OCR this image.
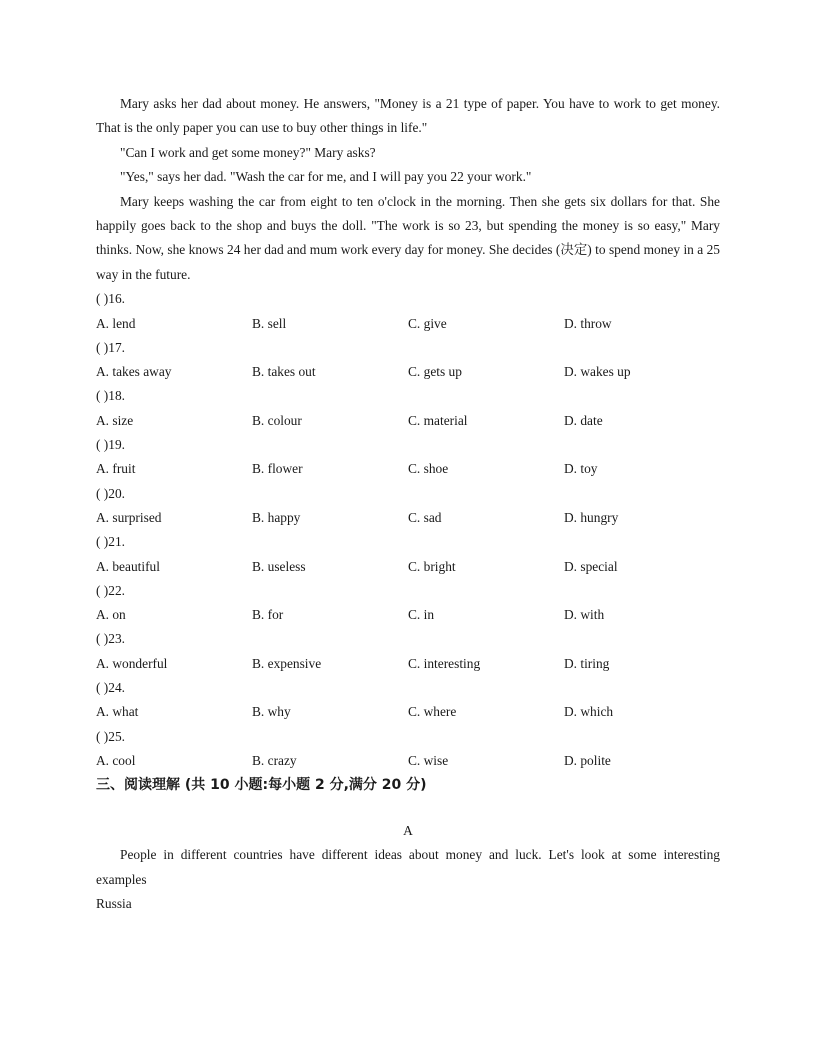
Mary asks her dad about money. He answers, "Money is a 21 type of paper. You have to work to get money. That is the only paper you can use to buy other things in life."

"Can I work and get some money?" Mary asks?

"Yes," says her dad. "Wash the car for me, and I will pay you 22 your work."

Mary keeps washing the car from eight to ten o'clock in the morning. Then she gets six dollars for that. She happily goes back to the shop and buys the doll. "The work is so 23, but spending the money is so easy," Mary thinks. Now, she knows 24 her dad and mum work every day for money. She decides (决定) to spend money in a 25 way in the future.

( )16.
A. lend	B. sell	C. give	D. throw
( )17.
A. takes away	B. takes out	C. gets up	D. wakes up
( )18.
A. size	B. colour	C. material	D. date
( )19.
A. fruit	B. flower	C. shoe	D. toy
( )20.
A. surprised	B. happy	C. sad	D. hungry
( )21.
A. beautiful	B. useless	C. bright	D. special
( )22.
A. on	B. for	C. in	D. with
( )23.
A. wonderful	B. expensive	C. interesting	D. tiring
( )24.
A. what	B. why	C. where	D. which
( )25.
A. cool	B. crazy	C. wise	D. polite
三、阅读理解 (共 10 小题:每小题 2 分,满分 20 分)
A

People in different countries have different ideas about money and luck. Let's look at some interesting examples

Russia
